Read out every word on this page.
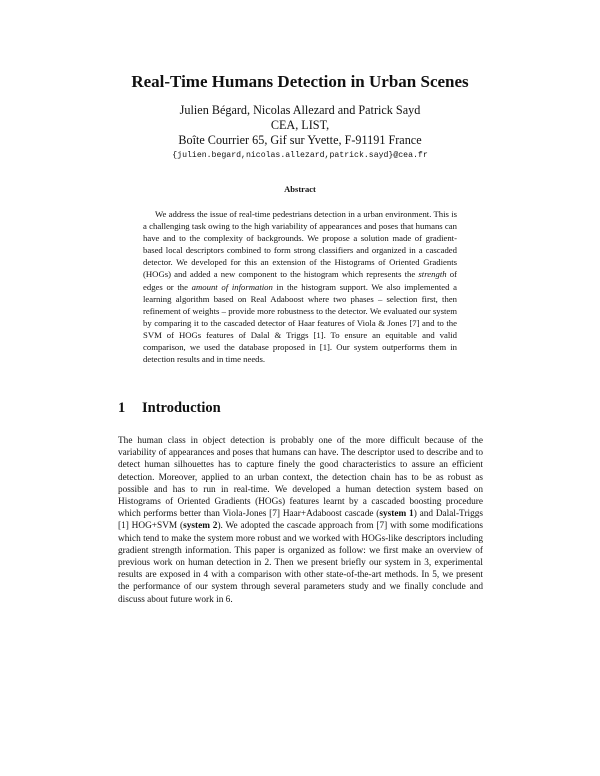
Real-Time Humans Detection in Urban Scenes
Julien Bégard, Nicolas Allezard and Patrick Sayd
CEA, LIST,
Boîte Courrier 65, Gif sur Yvette, F-91191 France
{julien.begard,nicolas.allezard,patrick.sayd}@cea.fr
Abstract

We address the issue of real-time pedestrians detection in a urban environment. This is a challenging task owing to the high variability of appearances and poses that humans can have and to the complexity of backgrounds. We propose a solution made of gradient-based local descriptors combined to form strong classifiers and organized in a cascaded detector. We developed for this an extension of the Histograms of Oriented Gradients (HOGs) and added a new component to the histogram which represents the strength of edges or the amount of information in the histogram support. We also implemented a learning algorithm based on Real Adaboost where two phases – selection first, then refinement of weights – provide more robustness to the detector. We evaluated our system by comparing it to the cascaded detector of Haar features of Viola & Jones [7] and to the SVM of HOGs features of Dalal & Triggs [1]. To ensure an equitable and valid comparison, we used the database proposed in [1]. Our system outperforms them in detection results and in time needs.

1 Introduction

The human class in object detection is probably one of the more difficult because of the variability of appearances and poses that humans can have. The descriptor used to describe and to detect human silhouettes has to capture finely the good characteristics to assure an efficient detection. Moreover, applied to an urban context, the detection chain has to be as robust as possible and has to run in real-time. We developed a human detection system based on Histograms of Oriented Gradients (HOGs) features learnt by a cascaded boosting procedure which performs better than Viola-Jones [7] Haar+Adaboost cascade (system 1) and Dalal-Triggs [1] HOG+SVM (system 2). We adopted the cascade approach from [7] with some modifications which tend to make the system more robust and we worked with HOGs-like descriptors including gradient strength information. This paper is organized as follow: we first make an overview of previous work on human detection in 2. Then we present briefly our system in 3, experimental results are exposed in 4 with a comparison with other state-of-the-art methods. In 5, we present the performance of our system through several parameters study and we finally conclude and discuss about future work in 6.
